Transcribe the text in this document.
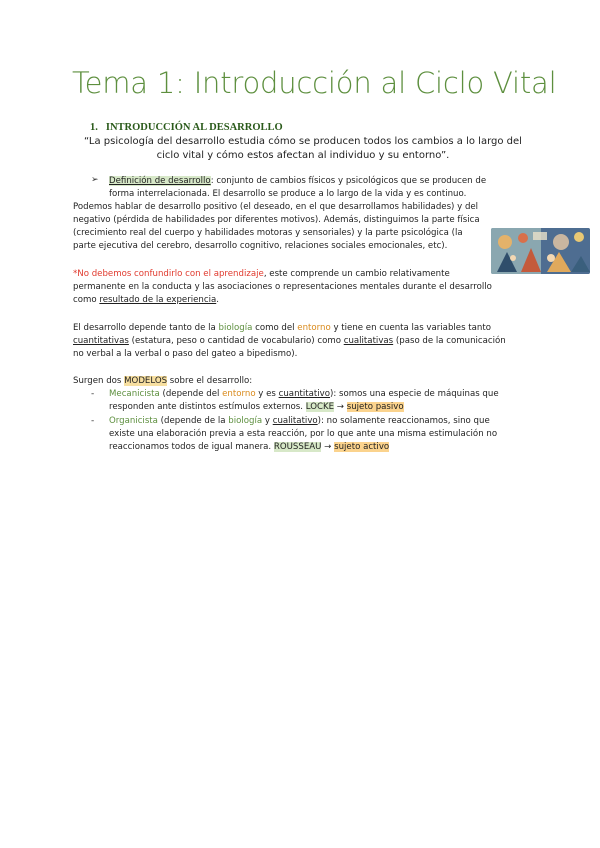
Tema 1: Introducción al Ciclo Vital
1. INTRODUCCIÓN AL DESARROLLO
“La psicología del desarrollo estudia cómo se producen todos los cambios a lo largo del ciclo vital y cómo estos afectan al individuo y su entorno”.
➢ Definición de desarrollo: conjunto de cambios físicos y psicológicos que se producen de
forma interrelacionada. El desarrollo se produce a lo largo de la vida y es continuo.
Podemos hablar de desarrollo positivo (el deseado, en el que desarrollamos habilidades) y del
negativo (pérdida de habilidades por diferentes motivos). Además, distinguimos la parte física
(crecimiento real del cuerpo y habilidades motoras y sensoriales) y la parte psicológica (la
parte ejecutiva del cerebro, desarrollo cognitivo, relaciones sociales emocionales, etc).
*No debemos confundirlo con el aprendizaje, este comprende un cambio relativamente
permanente en la conducta y las asociaciones o representaciones mentales durante el desarrollo
como resultado de la experiencia.
El desarrollo depende tanto de la biología como del entorno y tiene en cuenta las variables tanto
cuantitativas (estatura, peso o cantidad de vocabulario) como cualitativas (paso de la comunicación
no verbal a la verbal o paso del gateo a bipedismo).
Surgen dos MODELOS sobre el desarrollo:
- Mecanicista (depende del entorno y es cuantitativo): somos una especie de máquinas que
responden ante distintos estímulos externos. LOCKE → sujeto pasivo
- Organicista (depende de la biología y cualitativo): no solamente reaccionamos, sino que
existe una elaboración previa a esta reacción, por lo que ante una misma estimulación no
reaccionamos todos de igual manera. ROUSSEAU → sujeto activo
